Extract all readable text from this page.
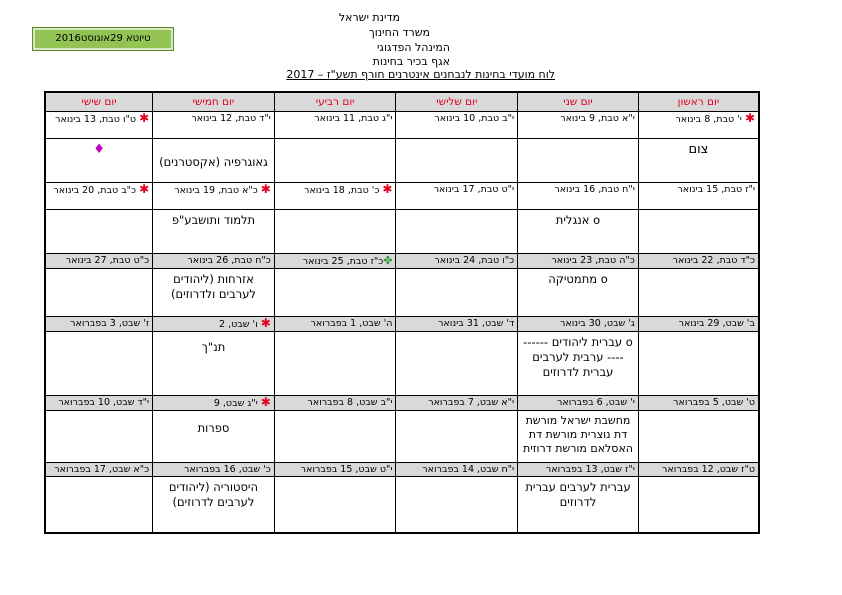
טיוטא 29אוגוסט2016
מדינת ישראל
משרד החינוך
המינהל הפדגוגי
אגף בכיר בחינות
לוח מועדי בחינות לנבחנים אינטרנים חורף תשע"ז – 2017
יום ראשון	יום שני	יום שלישי	יום רביעי	יום חמישי	יום שישי
✱י' טבת, 8 בינואר	י"א טבת, 9 בינואר	י"ב טבת, 10 בינואר	י"ג טבת, 11 בינואר	י"ד טבת, 12 בינואר	✱ט"ו טבת, 13 בינואר
צום				גאוגרפיה (אקסטרנים)	♦
י"ז טבת, 15 בינואר	י"ח טבת, 16 בינואר	י"ט טבת, 17 בינואר	✱כ' טבת, 18 בינואר	✱כ"א טבת, 19 בינואר	✱כ"ב טבת, 20 בינואר
	o אנגלית			תלמוד ותושבע"פ	
כ"ד טבת, 22 בינואר	כ"ה טבת, 23 בינואר	כ"ו טבת, 24 בינואר	✤כ"ז טבת, 25 בינואר	כ"ח טבת, 26 בינואר	כ"ט טבת, 27 בינואר
	o מתמטיקה			אזרחות (ליהודים לערבים ולדרוזים)	
ב' שבט, 29 בינואר	ג' שבט, 30 בינואר	ד' שבט, 31 בינואר	ה' שבט, 1 בפברואר	✱ו' שבט, 2	ז' שבט, 3 בפברואר
	o עברית ליהודים ---------- ערבית לערבים עברית לדרוזים			תנ"ך	
ט' שבט, 5 בפברואר	י' שבט, 6 בפברואר	י"א שבט, 7 בפברואר	י"ב שבט, 8 בפברואר	✱י"ג שבט, 9	י"ד שבט, 10 בפברואר
	מחשבת ישראל מורשת דת נוצרית מורשת דת האסלאם מורשת דרוזית			ספרות	
ט"ז שבט, 12 בפברואר	י"ז שבט, 13 בפברואר	י"ח שבט, 14 בפברואר	י"ט שבט, 15 בפברואר	כ' שבט, 16 בפברואר	כ"א שבט, 17 בפברואר
	עברית לערבים עברית לדרוזים			היסטוריה (ליהודים לערבים לדרוזים)	
